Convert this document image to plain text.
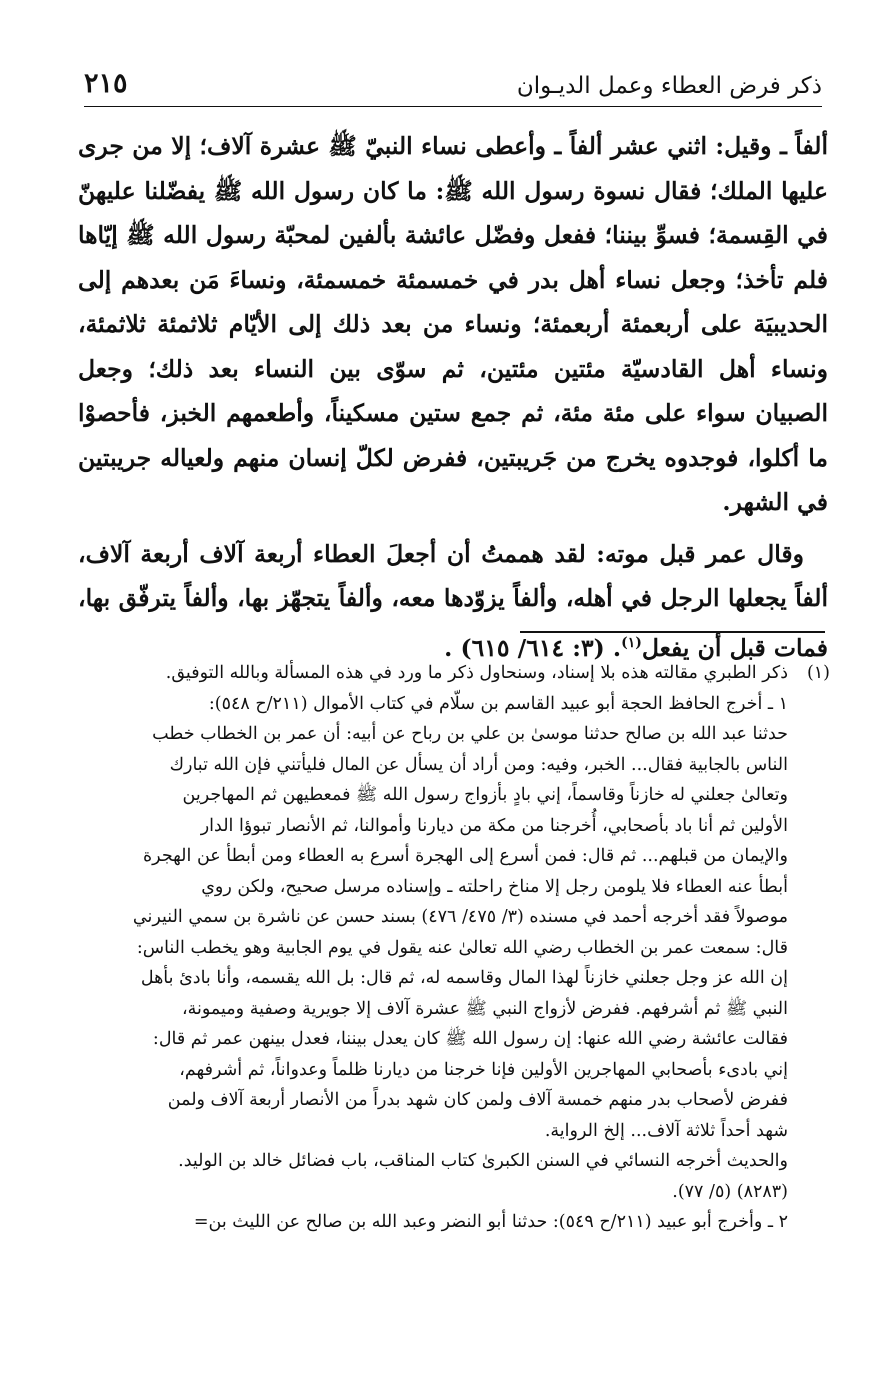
ذكر فرض العطاء وعمل الديـوان
٢١٥

ألفاً ـ وقيل: اثني عشر ألفاً ـ وأعطى نساء النبيّ ﷺ عشرة آلاف؛ إلا من جرى عليها الملك؛ فقال نسوة رسول الله ﷺ: ما كان رسول الله ﷺ يفضّلنا عليهنّ في القِسمة؛ فسوِّ بيننا؛ ففعل وفضّل عائشة بألفين لمحبّة رسول الله ﷺ إيّاها فلم تأخذ؛ وجعل نساء أهل بدر في خمسمئة خمسمئة، ونساءَ مَن بعدهم إلى الحديبيَة على أربعمئة أربعمئة؛ ونساء من بعد ذلك إلى الأيّام ثلاثمئة ثلاثمئة، ونساء أهل القادسيّة مئتين مئتين، ثم سوّى بين النساء بعد ذلك؛ وجعل الصبيان سواء على مئة مئة، ثم جمع ستين مسكيناً، وأطعمهم الخبز، فأحصوْا ما أكلوا، فوجدوه يخرج من جَريبتين، ففرض لكلّ إنسان منهم ولعياله جريبتين في الشهر.

وقال عمر قبل موته: لقد هممتُ أن أجعلَ العطاء أربعة آلاف أربعة آلاف، ألفاً يجعلها الرجل في أهله، وألفاً يزوّدها معه، وألفاً يتجهّز بها، وألفاً يترفّق بها، فمات قبل أن يفعل$^{(١)}$. (٣: ٦١٤/ ٦١٥) .

(١)
ذكر الطبري مقالته هذه بلا إسناد، وسنحاول ذكر ما ورد في هذه المسألة وبالله التوفيق.
١ ـ أخرج الحافظ الحجة أبو عبيد القاسم بن سلّام في كتاب الأموال (٢١١/ح ٥٤٨):
حدثنا عبد الله بن صالح حدثنا موسىٰ بن علي بن رباح عن أبيه: أن عمر بن الخطاب خطب
الناس بالجابية فقال... الخبر، وفيه: ومن أراد أن يسأل عن المال فليأتني فإن الله تبارك
وتعالىٰ جعلني له خازناً وقاسماً، إني بادٍ بأزواج رسول الله ﷺ فمعطيهن ثم المهاجرين
الأولين ثم أنا باد بأصحابي، أُخرجنا من مكة من ديارنا وأموالنا، ثم الأنصار تبوؤا الدار
والإيمان من قبلهم... ثم قال: فمن أسرع إلى الهجرة أسرع به العطاء ومن أبطأ عن الهجرة
أبطأ عنه العطاء فلا يلومن رجل إلا مناخ راحلته ـ وإسناده مرسل صحيح، ولكن روي
موصولاً فقد أخرجه أحمد في مسنده (٣/ ٤٧٥/ ٤٧٦) بسند حسن عن ناشرة بن سمي النيرني
قال: سمعت عمر بن الخطاب رضي الله تعالىٰ عنه يقول في يوم الجابية وهو يخطب الناس:
إن الله عز وجل جعلني خازناً لهذا المال وقاسمه له، ثم قال: بل الله يقسمه، وأنا بادئ بأهل
النبي ﷺ ثم أشرفهم. ففرض لأزواج النبي ﷺ عشرة آلاف إلا جويرية وصفية وميمونة،
فقالت عائشة رضي الله عنها: إن رسول الله ﷺ كان يعدل بيننا، فعدل بينهن عمر ثم قال:
إني بادىء بأصحابي المهاجرين الأولين فإنا خرجنا من ديارنا ظلماً وعدواناً، ثم أشرفهم،
ففرض لأصحاب بدر منهم خمسة آلاف ولمن كان شهد بدراً من الأنصار أربعة آلاف ولمن
شهد أحداً ثلاثة آلاف... إلخ الرواية.
والحديث أخرجه النسائي في السنن الكبرىٰ كتاب المناقب، باب فضائل خالد بن الوليد.
(٨٢٨٣) (٥/ ٧٧).
٢ ـ وأخرج أبو عبيد (٢١١/ح ٥٤٩): حدثنا أبو النضر وعبد الله بن صالح عن الليث بن=
